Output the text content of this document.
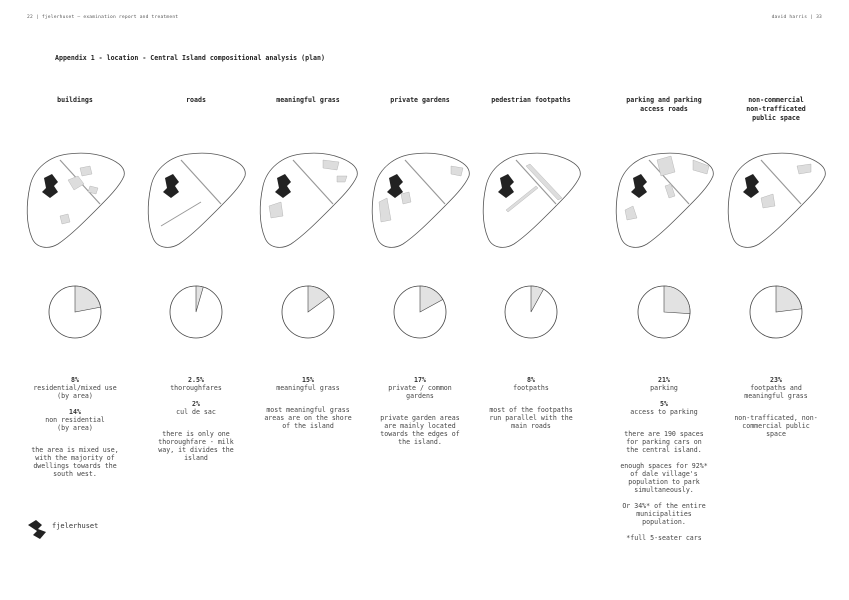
22 | fjelerhuset – examination report and treatment	david harris | 33
Appendix 1 - location - Central Island compositional analysis (plan)
buildings
8%
residential/mixed use
(by area)
14%
non residential
(by area)
the area is mixed use,
with the majority of
dwellings towards the
south west.
roads
2.5%
thoroughfares
2%
cul de sac
there is only one
thoroughfare - milk
way, it divides the
island
meaningful grass
15%
meaningful grass
most meaningful grass
areas are on the shore
of the island
private gardens
17%
private / common
gardens
private garden areas
are mainly located
towards the edges of
the island.
pedestrian footpaths
8%
footpaths
most of the footpaths
run parallel with the
main roads
parking and parking
access roads
21%
parking
5%
access to parking
there are 190 spaces
for parking cars on
the central island.
enough spaces for 92%*
of dale village's
population to park
simultaneously.
Or 34%* of the entire
municipalities
population.
*full 5-seater cars
non-commercial
non-trafficated
public space
23%
footpaths and
meaningful grass
non-trafficated, non-
commercial public
space
fjelerhuset
